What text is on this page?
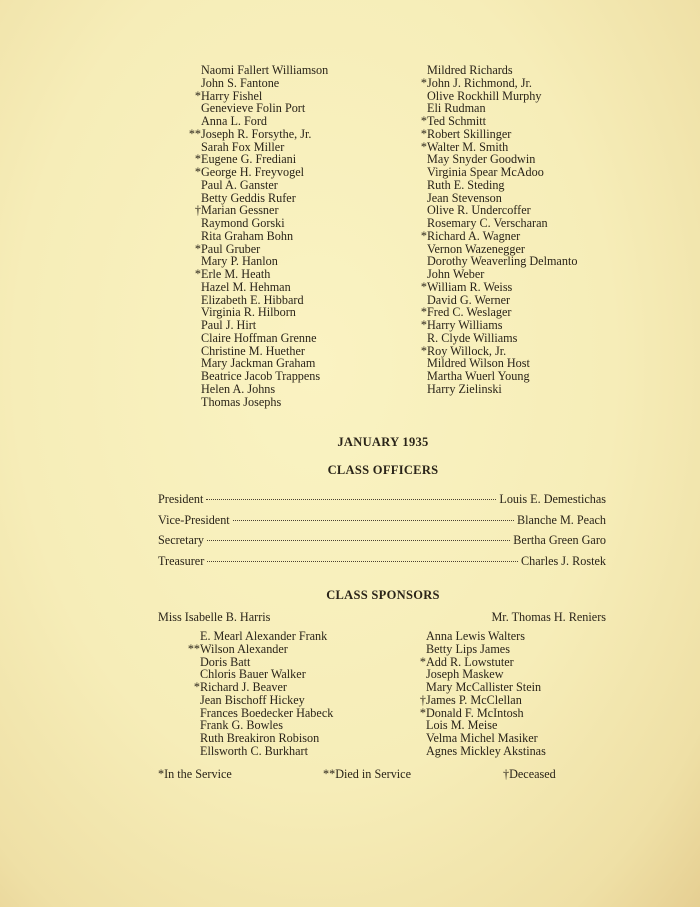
Naomi Fallert Williamson
John S. Fantone
* Harry Fishel
Genevieve Folin Port
Anna L. Ford
** Joseph R. Forsythe, Jr.
Sarah Fox Miller
* Eugene G. Frediani
* George H. Freyvogel
Paul A. Ganster
Betty Geddis Rufer
† Marian Gessner
Raymond Gorski
Rita Graham Bohn
* Paul Gruber
Mary P. Hanlon
* Erle M. Heath
Hazel M. Hehman
Elizabeth E. Hibbard
Virginia R. Hilborn
Paul J. Hirt
Claire Hoffman Grenne
Christine M. Huether
Mary Jackman Graham
Beatrice Jacob Trappens
Helen A. Johns
Thomas Josephs
Mildred Richards
* John J. Richmond, Jr.
Olive Rockhill Murphy
Eli Rudman
* Ted Schmitt
* Robert Skillinger
* Walter M. Smith
May Snyder Goodwin
Virginia Spear McAdoo
Ruth E. Steding
Jean Stevenson
Olive R. Undercoffer
Rosemary C. Verscharan
* Richard A. Wagner
Vernon Wazenegger
Dorothy Weaverling Delmanto
John Weber
* William R. Weiss
David G. Werner
* Fred C. Weslager
* Harry Williams
R. Clyde Williams
* Roy Willock, Jr.
Mildred Wilson Host
Martha Wuerl Young
Harry Zielinski
JANUARY 1935
CLASS OFFICERS
President	Louis E. Demestichas
Vice-President	Blanche M. Peach
Secretary	Bertha Green Garo
Treasurer	Charles J. Rostek
CLASS SPONSORS
Miss Isabelle B. Harris	Mr. Thomas H. Reniers
E. Mearl Alexander Frank
** Wilson Alexander
Doris Batt
Chloris Bauer Walker
* Richard J. Beaver
Jean Bischoff Hickey
Frances Boedecker Habeck
Frank G. Bowles
Ruth Breakiron Robison
Ellsworth C. Burkhart
Anna Lewis Walters
Betty Lips James
* Add R. Lowstuter
Joseph Maskew
Mary McCallister Stein
† James P. McClellan
* Donald F. McIntosh
Lois M. Meise
Velma Michel Masiker
Agnes Mickley Akstinas
*In the Service	**Died in Service	†Deceased
